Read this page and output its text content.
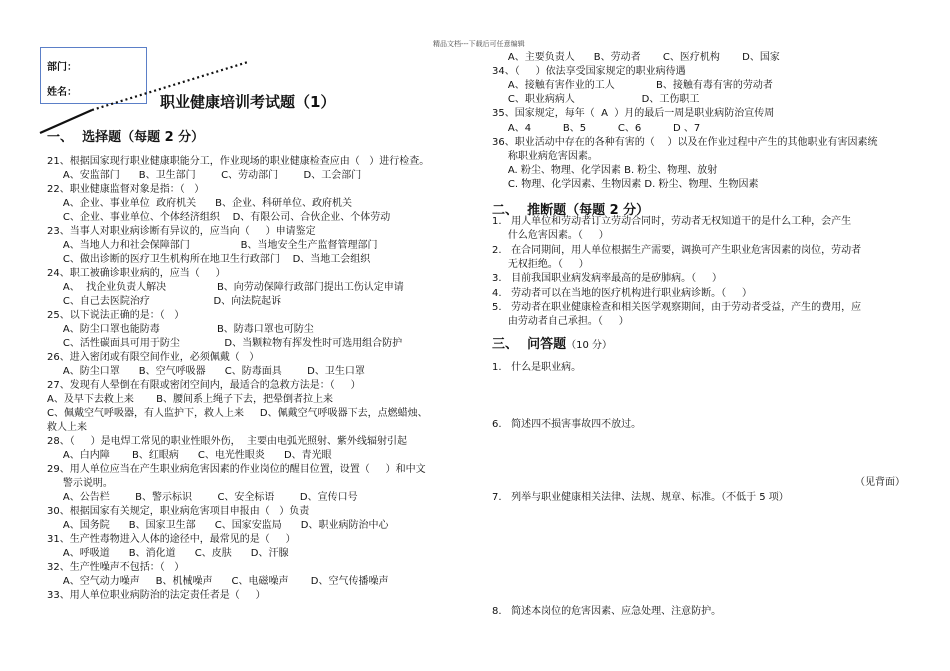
精品文档---下载后可任意编辑
部门：
姓名：
职业健康培训考试题（1）
一、 选择题（每题 2 分）
21、根据国家现行职业健康职能分工，作业现场的职业健康检查应由（   ）进行检查。
A、安监部门      B、卫生部门        C、劳动部门        D、工会部门
22、职业健康监督对象是指：（   ）
A、企业、事业单位  政府机关      B、企业、科研单位、政府机关
C、企业、事业单位、个体经济组织    D、有限公司、合伙企业、个体劳动
23、当事人对职业病诊断有异议的，应当向（     ）申请鉴定
A、当地人力和社会保障部门                B、当地安全生产监督管理部门
C、做出诊断的医疗卫生机构所在地卫生行政部门    D、当地工会组织
24、职工被确诊职业病的，应当（     ）
A、  找企业负责人解决                B、向劳动保障行政部门提出工伤认定申请
C、自己去医院治疗                    D、向法院起诉
25、以下说法正确的是：（   ）
A、防尘口罩也能防毒                  B、防毒口罩也可防尘
C、活性碳面具可用于防尘              D、当颗粒物有挥发性时可选用组合防护
26、进入密闭或有限空间作业，必须佩戴（   ）
A、防尘口罩      B、空气呼吸器      C、防毒面具        D、卫生口罩
27、发现有人晕倒在有限或密闭空间内，最适合的急救方法是：（     ）
A、及早下去救上来       B、腰间系上绳子下去，把晕倒者拉上来
C、佩戴空气呼吸器，有人监护下，救人上来     D、佩戴空气呼吸器下去，点燃蜡烛、
救人上来
28、（     ）是电焊工常见的职业性眼外伤，  主要由电弧光照射、紫外线辐射引起
A、白内障       B、红眼病      C、电光性眼炎      D、青光眼
29、用人单位应当在产生职业病危害因素的作业岗位的醒目位置，设置（     ）和中文
警示说明。
A、公告栏        B、警示标识        C、安全标语        D、宣传口号
30、根据国家有关规定，职业病危害项目申报由（   ）负责
A、国务院      B、国家卫生部      C、国家安监局      D、职业病防治中心
31、生产性毒物进入人体的途径中，最常见的是（     ）
A、呼吸道      B、消化道      C、皮肤      D、汗腺
32、生产性噪声不包括：（   ）
A、空气动力噪声     B、机械噪声      C、电磁噪声       D、空气传播噪声
33、用人单位职业病防治的法定责任者是（     ）
A、主要负责人      B、劳动者       C、医疗机构       D、国家
34、（     ）依法享受国家规定的职业病待遇
A、接触有害作业的工人             B、接触有毒有害的劳动者
C、职业病病人                     D、工伤职工
35、国家规定，每年（  A  ）月的最后一周是职业病防治宣传周
A、4          B、5          C、6          D 、7
36、职业活动中存在的各种有害的（    ）以及在作业过程中产生的其他职业有害因素统
称职业病危害因素。
A. 粉尘、物理、化学因素 B. 粉尘、物理、放射
C. 物理、化学因素、生物因素 D. 粉尘、物理、生物因素
二、 推断题（每题 2 分）
1.   用人单位和劳动者订立劳动合同时，劳动者无权知道干的是什么工种，会产生
什么危害因素。（     ）
2.   在合同期间，用人单位根据生产需要，调换可产生职业危害因素的岗位，劳动者
无权拒绝。（     ）
3.   目前我国职业病发病率最高的是矽肺病。（     ）
4.   劳动者可以在当地的医疗机构进行职业病诊断。（     ）
5.   劳动者在职业健康检查和相关医学观察期间，由于劳动者受益，产生的费用，应
由劳动者自己承担。（     ）
三、 问答题（10 分）
1.   什么是职业病。
6.   简述四不损害事故四不放过。
（见背面）
7.   列举与职业健康相关法律、法规、规章、标准。（不低于 5 项）
8.   简述本岗位的危害因素、应急处理、注意防护。
